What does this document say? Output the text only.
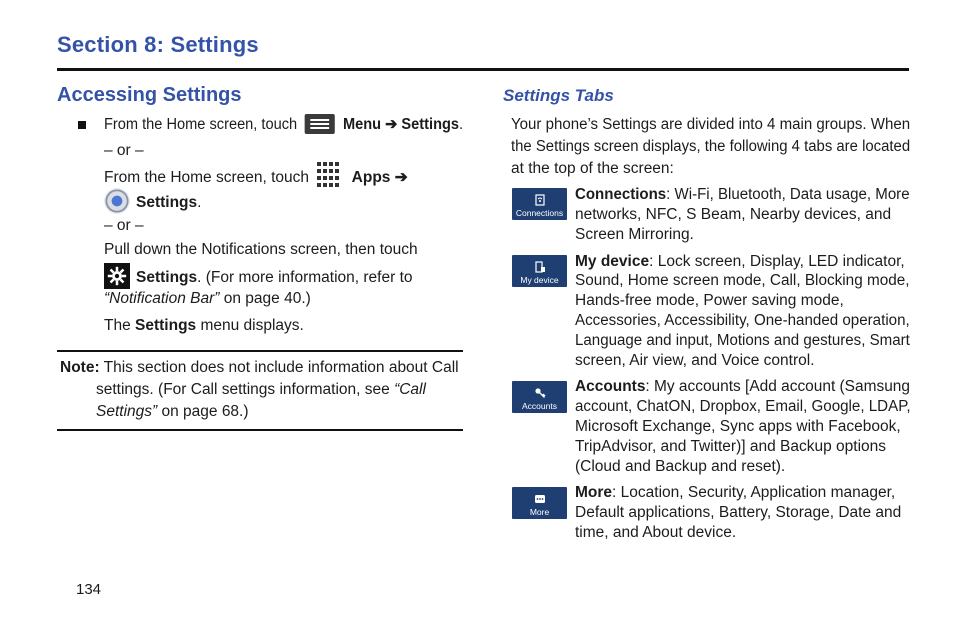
Section 8: Settings
Accessing Settings
From the Home screen, touch	Menu ➔ Settings.
– or –
From the Home screen, touch	Apps ➔
Settings.
– or –
Pull down the Notifications screen, then touch
Settings. (For more information, refer to
“Notification Bar” on page 40.)
The Settings menu displays.
Note: This section does not include information about Call
settings. (For Call settings information, see “Call
Settings” on page 68.)
Settings Tabs
Your phone’s Settings are divided into 4 main groups. When
the Settings screen displays, the following 4 tabs are located
at the top of the screen:
Connections
Connections: Wi-Fi, Bluetooth, Data usage, More
networks, NFC, S Beam, Nearby devices, and
Screen Mirroring.
My device
My device: Lock screen, Display, LED indicator,
Sound, Home screen mode, Call, Blocking mode,
Hands-free mode, Power saving mode,
Accessories, Accessibility, One-handed operation,
Language and input, Motions and gestures, Smart
screen, Air view, and Voice control.
Accounts
Accounts: My accounts [Add account (Samsung
account, ChatON, Dropbox, Email, Google, LDAP,
Microsoft Exchange, Sync apps with Facebook,
TripAdvisor, and Twitter)] and Backup options
(Cloud and Backup and reset).
More
More: Location, Security, Application manager,
Default applications, Battery, Storage, Date and
time, and About device.
134
